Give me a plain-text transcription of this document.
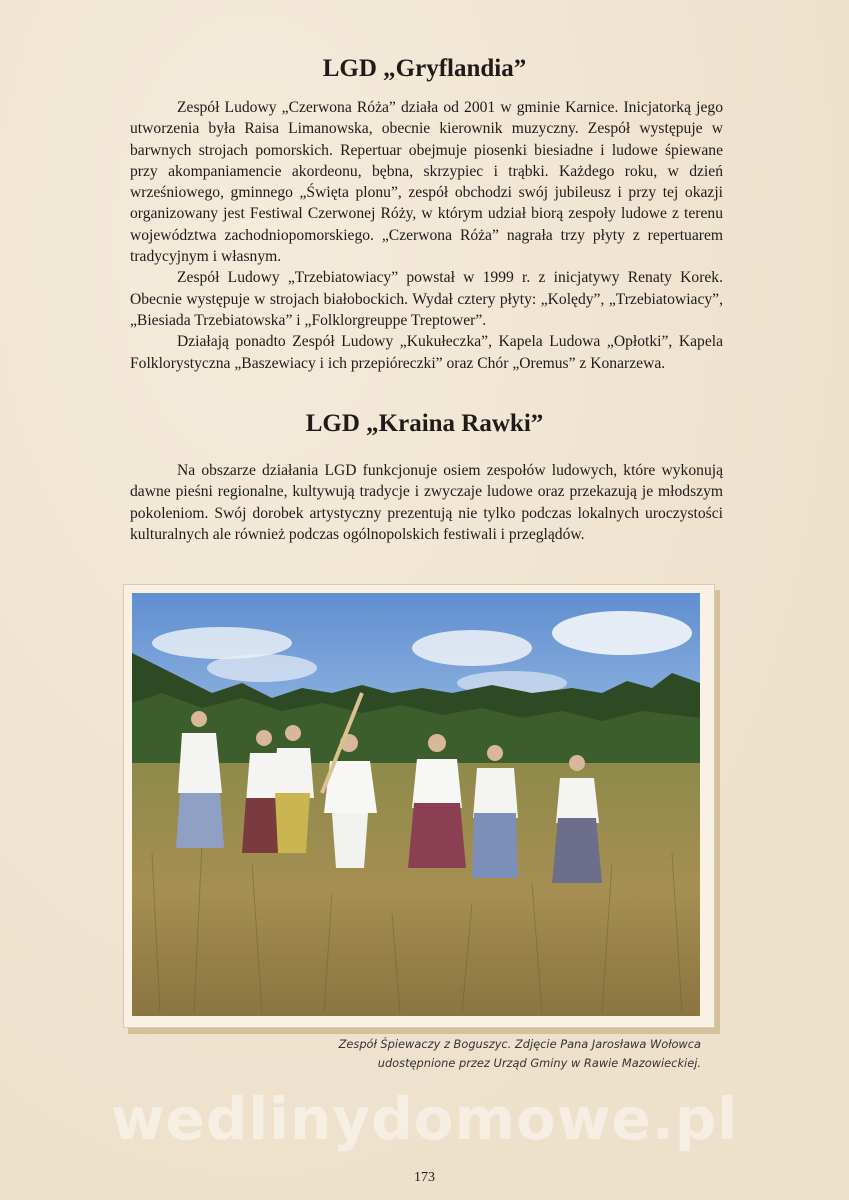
LGD „Gryflandia”

Zespół Ludowy „Czerwona Róża” działa od 2001 w gminie Karnice. Inicjatorką jego utworzenia była Raisa Limanowska, obecnie kierownik muzyczny. Zespół występuje w barwnych strojach pomorskich. Repertuar obejmuje piosenki biesiadne i ludowe śpiewane przy akompaniamencie akordeonu, bębna, skrzypiec i trąbki. Każdego roku, w dzień wrześniowego, gminnego „Święta plonu”, zespół obchodzi swój jubileusz i przy tej okazji organizowany jest Festiwal Czerwonej Róży, w którym udział biorą zespoły ludowe z terenu województwa zachodniopomorskiego. „Czerwona Róża” nagrała trzy płyty z repertuarem tradycyjnym i własnym.

Zespół Ludowy „Trzebiatowiacy” powstał w 1999 r. z inicjatywy Renaty Korek. Obecnie występuje w strojach białobockich. Wydał cztery płyty: „Kolędy”, „Trzebiatowiacy”, „Biesiada Trzebiatowska” i „Folklorgreuppe Treptower”.

Działają ponadto Zespół Ludowy „Kukułeczka”, Kapela Ludowa „Opłotki”, Kapela Folklorystyczna „Baszewiacy i ich przepióreczki” oraz Chór „Oremus” z Konarzewa.

LGD „Kraina Rawki”

Na obszarze działania LGD funkcjonuje osiem zespołów ludowych, które wykonują dawne pieśni regionalne, kultywują tradycje i zwyczaje ludowe oraz przekazują je młodszym pokoleniom. Swój dorobek artystyczny prezentują nie tylko podczas lokalnych uroczystości kulturalnych ale również podczas ogólnopolskich festiwali i przeglądów.

Zespół Śpiewaczy z Boguszyc. Zdjęcie Pana Jarosława Wołowca
udostępnione przez Urząd Gminy w Rawie Mazowieckiej.
wedlinydomowe.pl
173
